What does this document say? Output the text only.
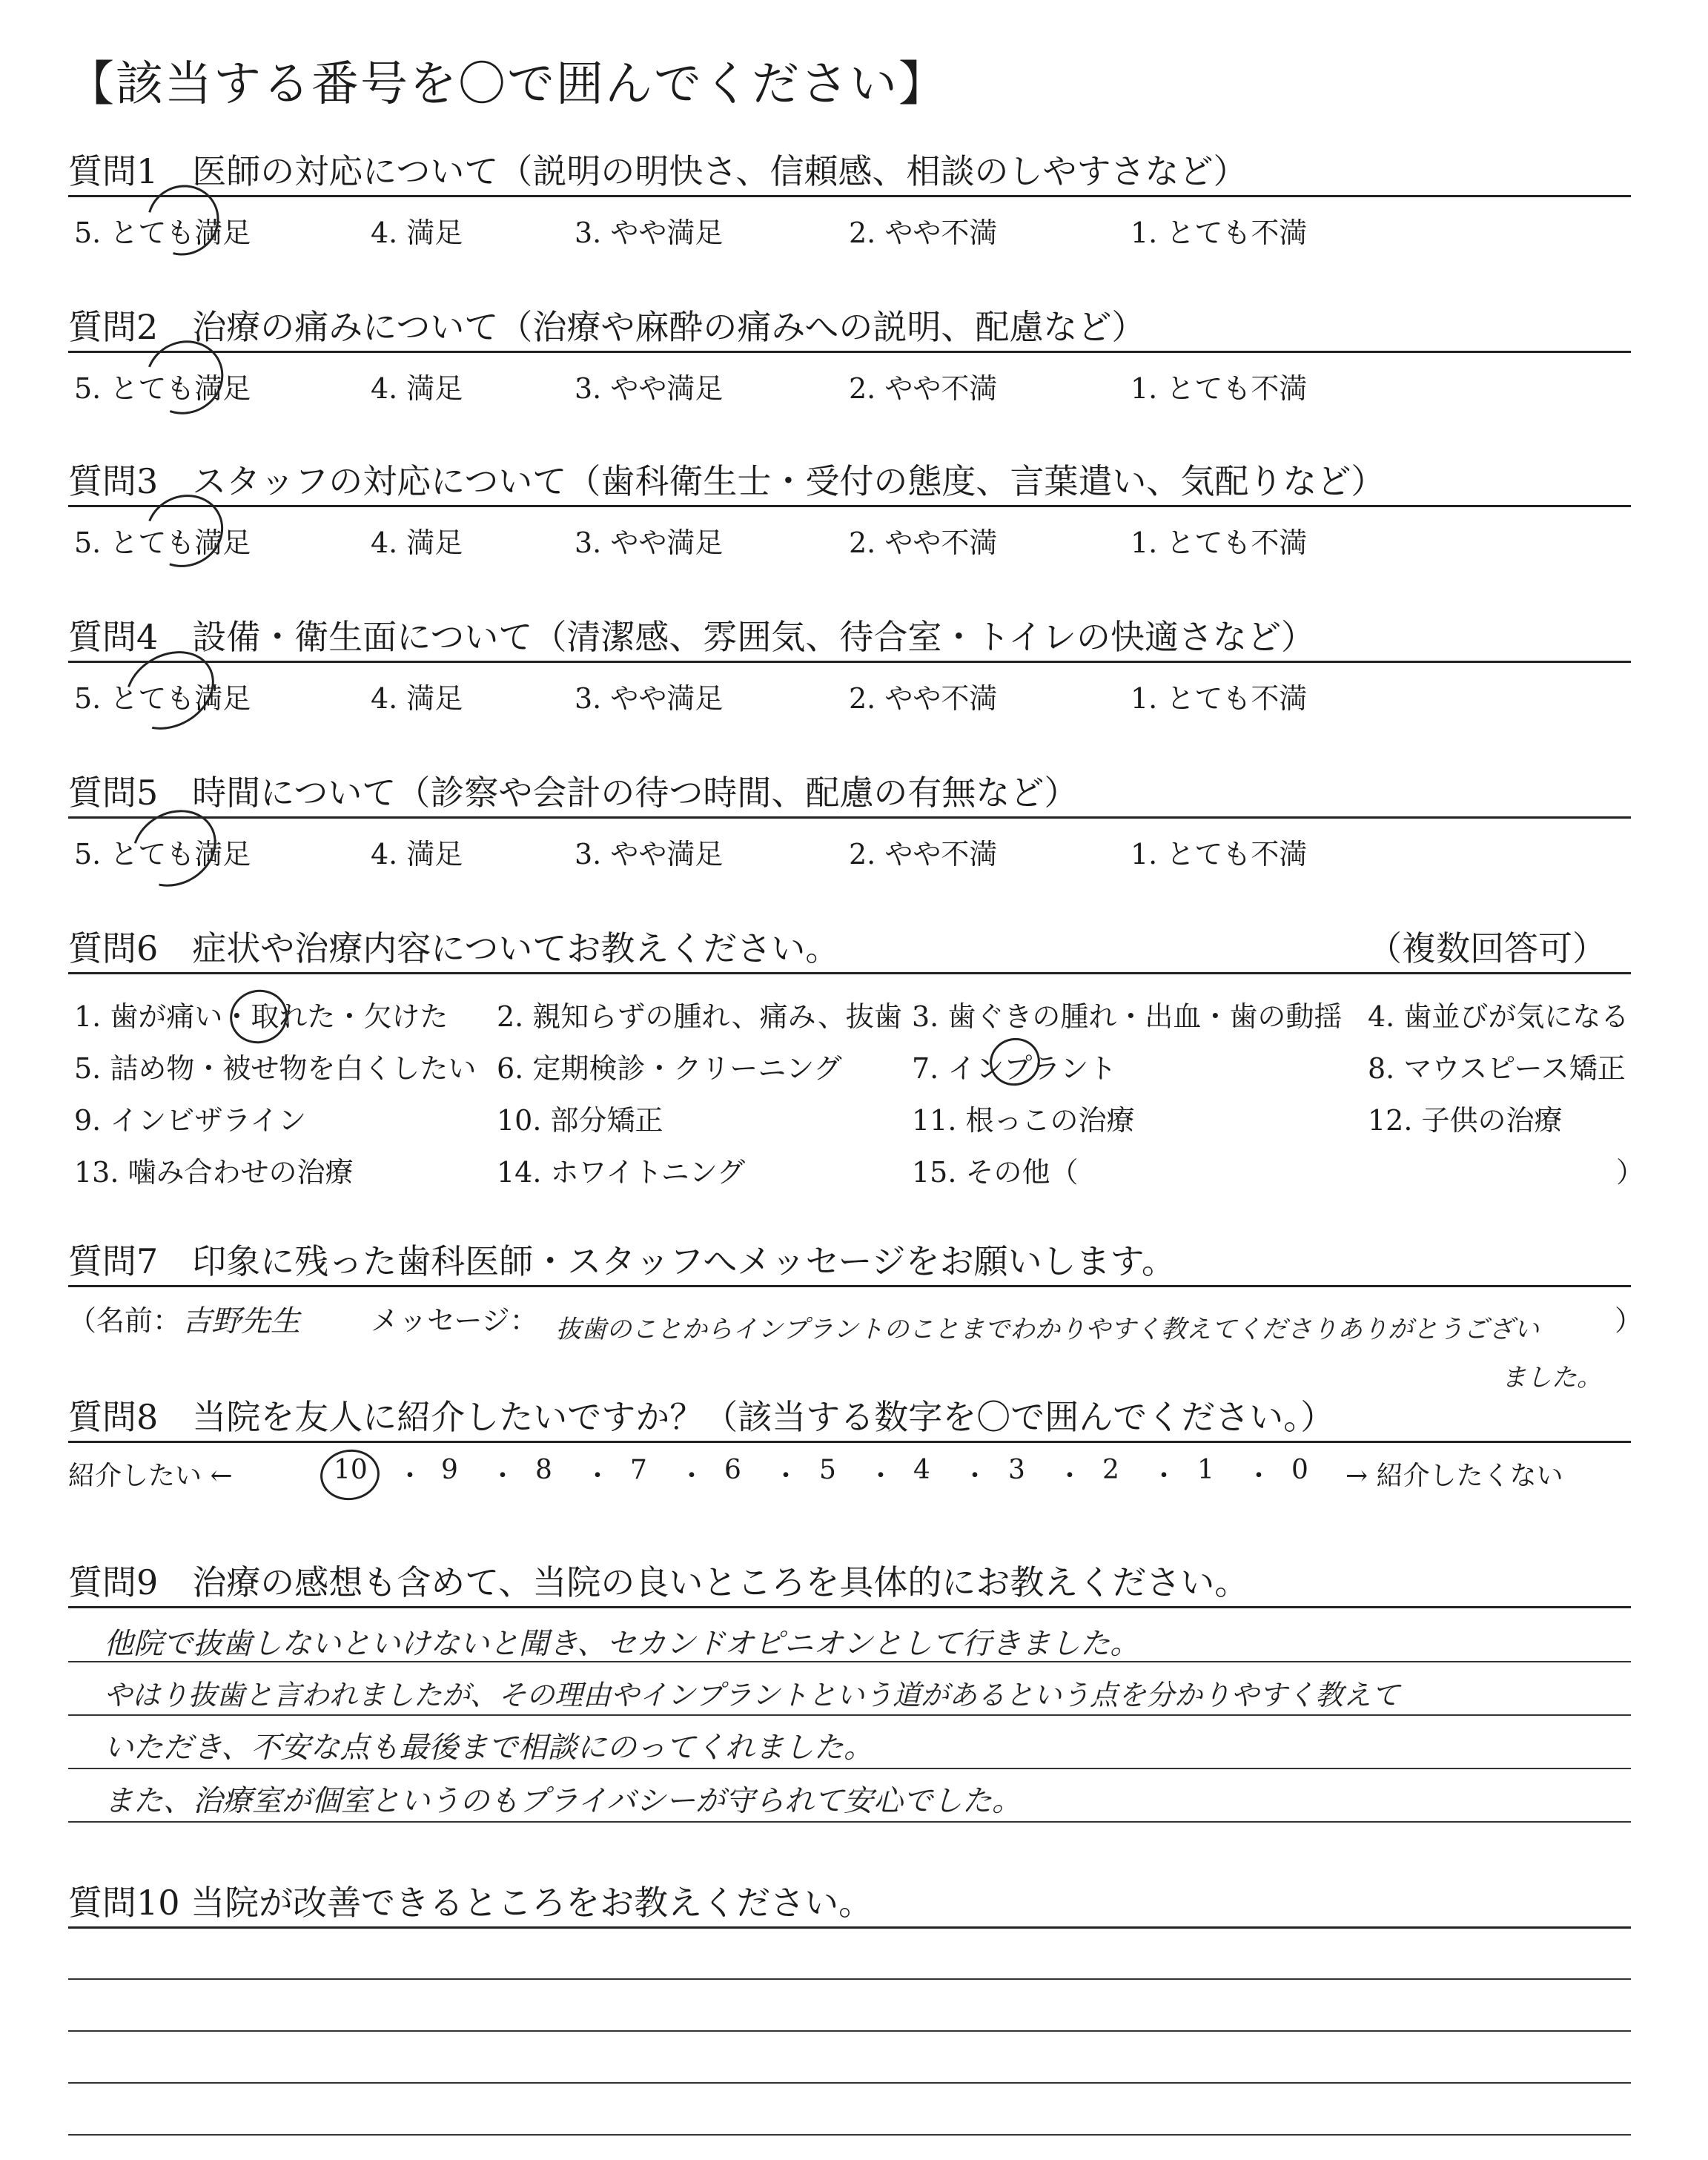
【該当する番号を〇で囲んでください】
質問1　医師の対応について（説明の明快さ、信頼感、相談のしやすさなど）
5. とても満足	4. 満足	3. やや満足	2. やや不満	1. とても不満
質問2　治療の痛みについて（治療や麻酔の痛みへの説明、配慮など）
5. とても満足	4. 満足	3. やや満足	2. やや不満	1. とても不満
質問3　スタッフの対応について（歯科衛生士・受付の態度、言葉遣い、気配りなど）
5. とても満足	4. 満足	3. やや満足	2. やや不満	1. とても不満
質問4　設備・衛生面について（清潔感、雰囲気、待合室・トイレの快適さなど）
5. とても満足	4. 満足	3. やや満足	2. やや不満	1. とても不満
質問5　時間について（診察や会計の待つ時間、配慮の有無など）
5. とても満足	4. 満足	3. やや満足	2. やや不満	1. とても不満
質問6　症状や治療内容についてお教えください。	（複数回答可）
1. 歯が痛い・取れた・欠けた 2. 親知らずの腫れ、痛み、抜歯 3. 歯ぐきの腫れ・出血・歯の動揺 4. 歯並びが気になる
5. 詰め物・被せ物を白くしたい 6. 定期検診・クリーニング 7. インプラント	8. マウスピース矯正
9. インビザライン	10. 部分矯正	11. 根っこの治療	12. 子供の治療
13. 噛み合わせの治療	14. ホワイトニング	15. その他（	）
質問7　印象に残った歯科医師・スタッフへメッセージをお願いします。
（名前： 吉野先生	メッセージ： 抜歯のことからインプラントのことまでわかりやすく教えてくださりありがとうござい	）
ました。
質問8　当院を友人に紹介したいですか？（該当する数字を〇で囲んでください。）
紹介したい ←	10 ・ 9 ・ 8 ・ 7 ・ 6 ・ 5 ・ 4 ・ 3 ・ 2 ・ 1 ・ 0 → 紹介したくない
質問9　治療の感想も含めて、当院の良いところを具体的にお教えください。
他院で抜歯しないといけないと聞き、セカンドオピニオンとして行きました。
やはり抜歯と言われましたが、その理由やインプラントという道があるという点を分かりやすく教えて
いただき、不安な点も最後まで相談にのってくれました。
また、治療室が個室というのもプライバシーが守られて安心でした。
質問10 当院が改善できるところをお教えください。
